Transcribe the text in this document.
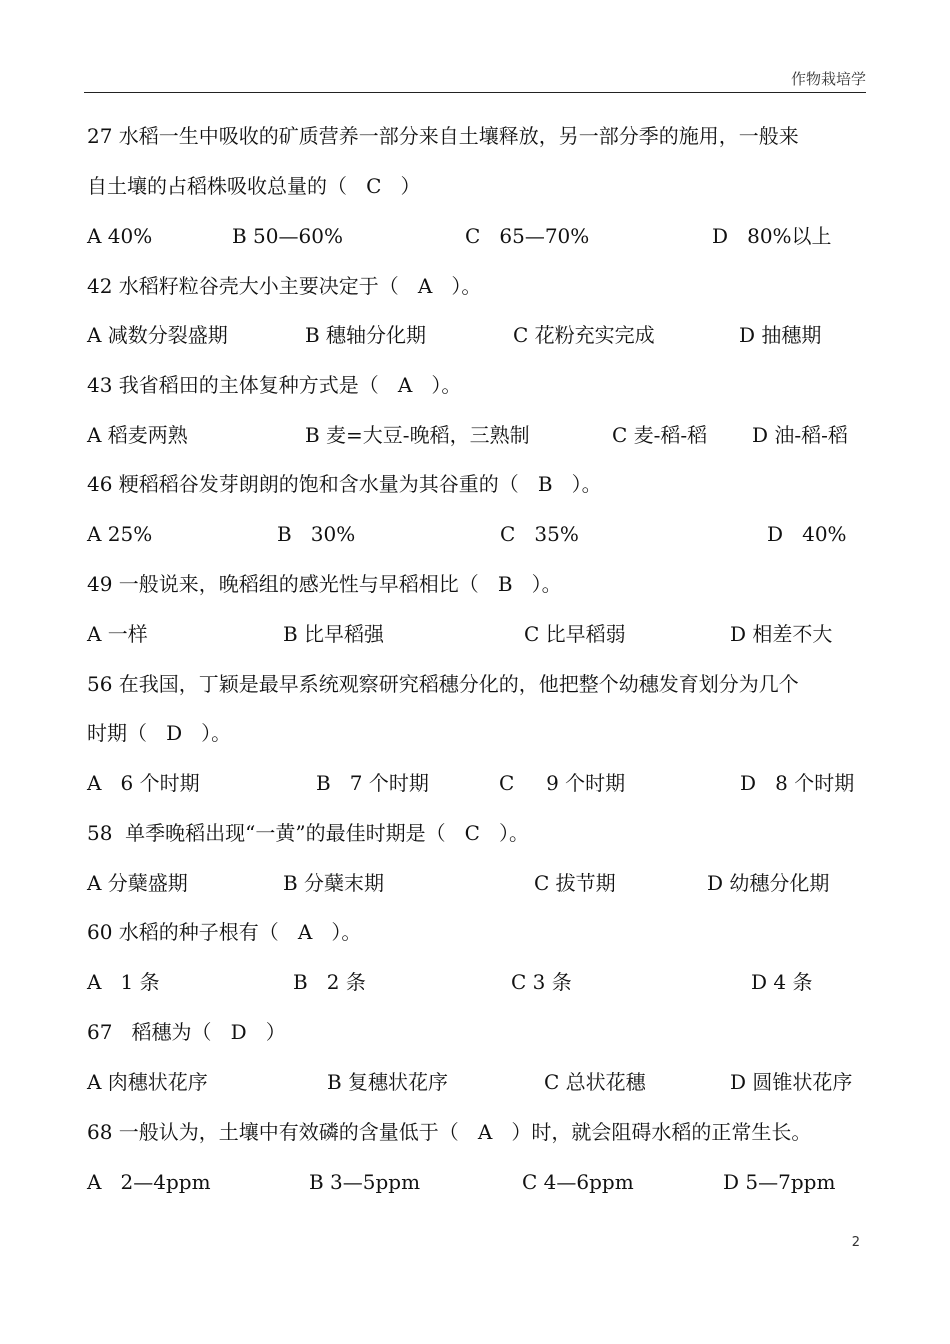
作物栽培学
27 水稻一生中吸收的矿质营养一部分来自土壤释放，另一部分季的施用，一般来
自土壤的占稻株吸收总量的（   C   ）
A 40%	B 50—60%	C   65—70%	D   80%以上
42 水稻籽粒谷壳大小主要决定于（   A   ）。
A 减数分裂盛期	B 穗轴分化期	C 花粉充实完成	D 抽穗期
43 我省稻田的主体复种方式是（   A   ）。
A 稻麦两熟	B 麦=大豆-晚稻，三熟制	C 麦-稻-稻 D 油-稻-稻
46 粳稻稻谷发芽朗朗的饱和含水量为其谷重的（   B   ）。
A 25%	B   30%	C   35%	D   40%
49 一般说来，晚稻组的感光性与早稻相比（   B   ）。
A 一样	B 比早稻强	C 比早稻弱	D 相差不大
56 在我国，丁颖是最早系统观察研究稻穗分化的，他把整个幼穗发育划分为几个
时期（   D   ）。
A   6 个时期	B   7 个时期	C     9 个时期	D   8 个时期
58  单季晚稻出现“一黄”的最佳时期是（   C   ）。
A 分蘖盛期	B 分蘖末期	C 拔节期	D 幼穗分化期
60 水稻的种子根有（   A   ）。
A   1 条	B   2 条	C 3 条	D 4 条
67   稻穗为（   D   ）
A 肉穗状花序	B 复穗状花序	C 总状花穗	D 圆锥状花序
68 一般认为，土壤中有效磷的含量低于（   A   ）时，就会阻碍水稻的正常生长。
A   2—4ppm	B 3—5ppm	C 4—6ppm	D 5—7ppm
2
